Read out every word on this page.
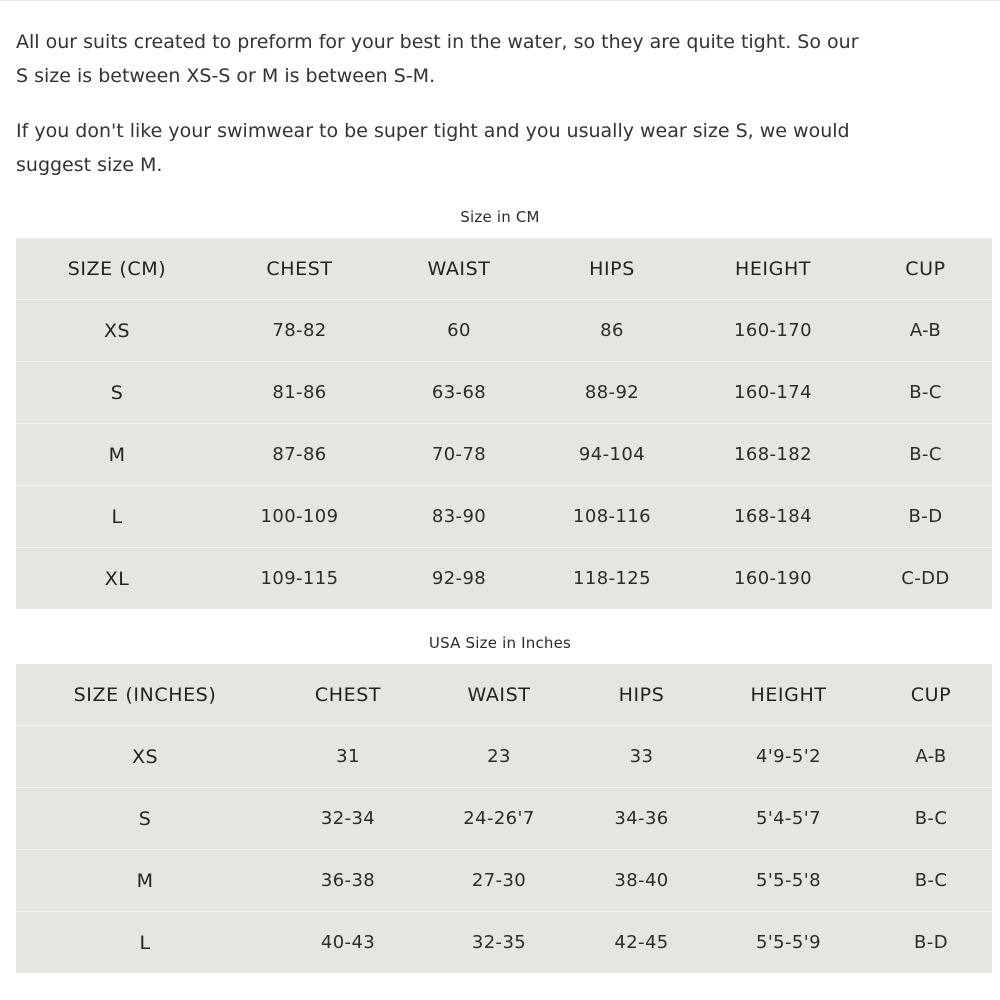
All our suits created to preform for your best in the water, so they are quite tight. So our
S size is between XS-S or M is between S-M.

If you don't like your swimwear to be super tight and you usually wear size S, we would
suggest size M.

Size in CM
SIZE (CM)	CHEST	WAIST	HIPS	HEIGHT	CUP
XS	78-82	60	86	160-170	A-B
S	81-86	63-68	88-92	160-174	B-C
M	87-86	70-78	94-104	168-182	B-C
L	100-109	83-90	108-116	168-184	B-D
XL	109-115	92-98	118-125	160-190	C-DD
USA Size in Inches
SIZE (INCHES)	CHEST	WAIST	HIPS	HEIGHT	CUP
XS	31	23	33	4'9-5'2	A-B
S	32-34	24-26'7	34-36	5'4-5'7	B-C
M	36-38	27-30	38-40	5'5-5'8	B-C
L	40-43	32-35	42-45	5'5-5'9	B-D
